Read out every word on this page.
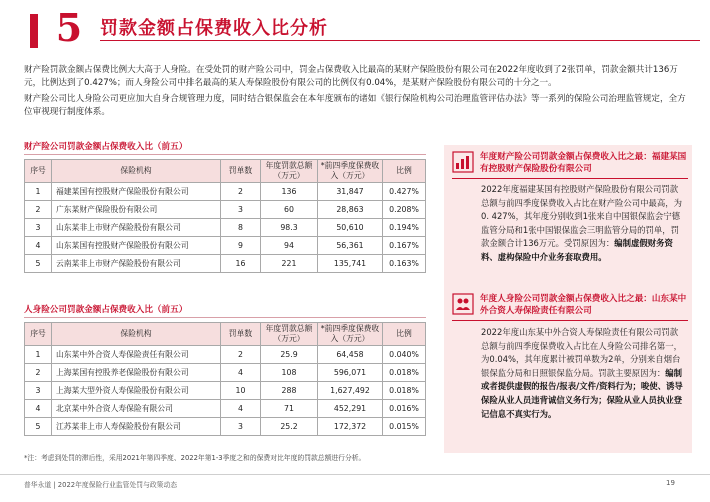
5 罚款金额占保费收入比分析

财产险罚款金额占保费比例大大高于人身险。在受处罚的财产险公司中，罚金占保费收入比最高的某财产保险股份有限公司在2022年度收到了2张罚单，罚款金额共计136万元，比例达到了0.427%；而人身险公司中排名最高的某人寿保险股份有限公司的比例仅有0.04%，是某财产保险股份有限公司的十分之一。

财产险公司比人身险公司更应加大自身合规管理力度，同时结合银保监会在本年度颁布的诸如《银行保险机构公司治理监管评估办法》等一系列的保险公司治理监管规定，全方位审视现行制度体系。

财产险公司罚款金额占保费收入比（前五）
序号	保险机构	罚单数	年度罚款总额（万元）	*前四季度保费收入（万元）	比例
1	福建某国有控股财产保险股份有限公司	2	136	31,847	0.427%
2	广东某财产保险股份有限公司	3	60	28,863	0.208%
3	山东某非上市财产保险股份有限公司	8	98.3	50,610	0.194%
4	山东某国有控股财产保险股份有限公司	9	94	56,361	0.167%
5	云南某非上市财产保险股份有限公司	16	221	135,741	0.163%
人身险公司罚款金额占保费收入比（前五）
序号	保险机构	罚单数	年度罚款总额（万元）	*前四季度保费收入（万元）	比例
1	山东某中外合资人寿保险责任有限公司	2	25.9	64,458	0.040%
2	上海某国有控股养老保险股份有限公司	4	108	596,071	0.018%
3	上海某大型外资人寿保险股份有限公司	10	288	1,627,492	0.018%
4	北京某中外合资人寿保险有限公司	4	71	452,291	0.016%
5	江苏某非上市人寿保险股份有限公司	3	25.2	172,372	0.015%
*注：考虑到处罚的滞后性，采用2021年第四季度、2022年第1-3季度之和的保费对比年度的罚款总额进行分析。
年度财产险公司罚款金额占保费收入比之最：福建某国有控股财产保险股份有限公司
2022年度福建某国有控股财产保险股份有限公司罚款总额与前四季度保费收入占比在财产险公司中最高，为0. 427%，其年度分别收到1张来自中国银保监会宁德监管分局和1张中国银保监会三明监管分局的罚单，罚款金额合计136万元。受罚原因为：编制虚假财务资料、虚构保险中介业务套取费用。
年度人身险公司罚款金额占保费收入比之最：山东某中外合资人寿保险责任有限公司
2022年度山东某中外合资人寿保险责任有限公司罚款总额与前四季度保费收入占比在人身险公司排名第一，为0.04%，其年度累计被罚单数为2单，分别来自烟台银保监分局和日照银保监分局。罚款主要原因为：编制或者提供虚假的报告/报表/文件/资料行为；唆使、诱导保险从业人员违背诚信义务行为；保险从业人员执业登记信息不真实行为。
普华永道 | 2022年度保险行业监管处罚与政策动态	19
